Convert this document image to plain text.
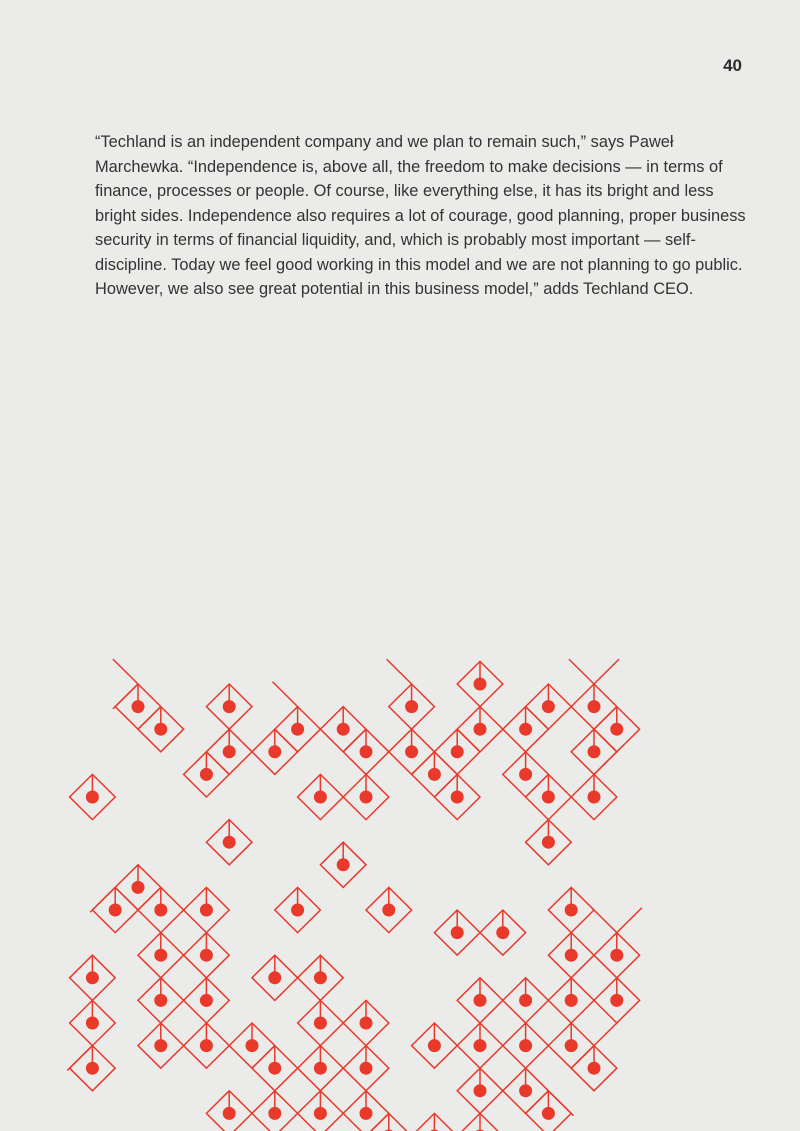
40

“Techland is an independent company and we plan to remain such,” says Paweł Marchewka. “Independence is, above all, the freedom to make decisions — in terms of finance, processes or people. Of course, like everything else, it has its bright and less bright sides. Independence also requires a lot of courage, good planning, proper business security in terms of financial liquidity, and, which is probably most important — self-discipline. Today we feel good working in this model and we are not planning to go public. However, we also see great potential in this business model,” adds Techland CEO.
